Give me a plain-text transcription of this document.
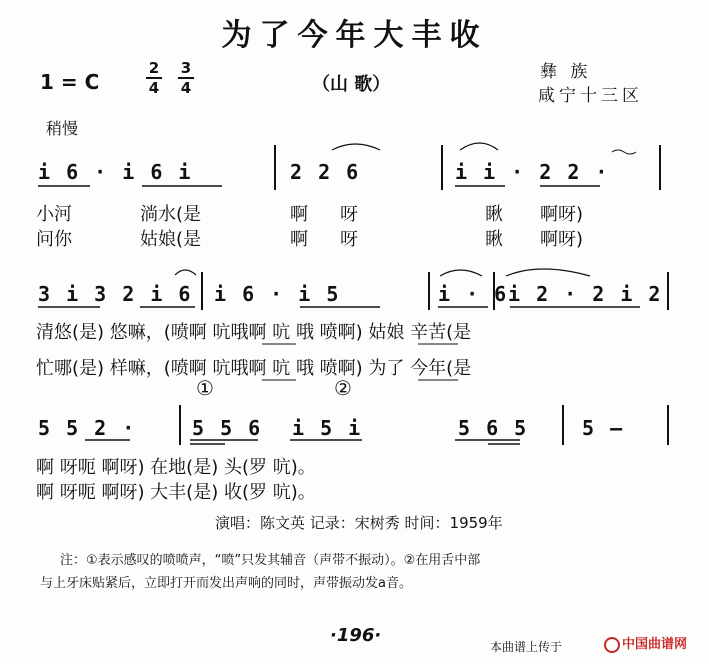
为了今年大丰收
1 = C
2
4
3
4	（山 歌）
彝 族
咸宁十三区
稍慢
i 6 · i 6 i	2 2 6	i i · 2 2 ·
小河	淌水(是	啊 呀	瞅 啊呀)
问你	姑娘(是	啊 呀	瞅 啊呀)
3 i 3 2 i 6 i 6 · i 5	i · 6 i 2 · 2 i 2
清悠(是) 悠嘛，(喷啊 吭哦啊 吭 哦 喷啊) 姑娘 辛苦(是
忙哪(是) 样嘛，(喷啊 吭哦啊 吭 哦 喷啊) 为了 今年(是
①	②
5 5 2 ·	5 5 6 i 5 i	5 6 5	5 —
啊 呀呃 啊呀) 在地(是) 头(罗 吭)。
啊 呀呃 啊呀) 大丰(是) 收(罗 吭)。
演唱：陈文英 记录：宋树秀 时间：1959年
注：①表示感叹的喷喷声，“喷”只发其辅音（声带不振动）。②在用舌中部
与上牙床贴紧后，立即打开而发出声响的同时，声带振动发a音。
·196·
本曲谱上传于	中国曲谱网
